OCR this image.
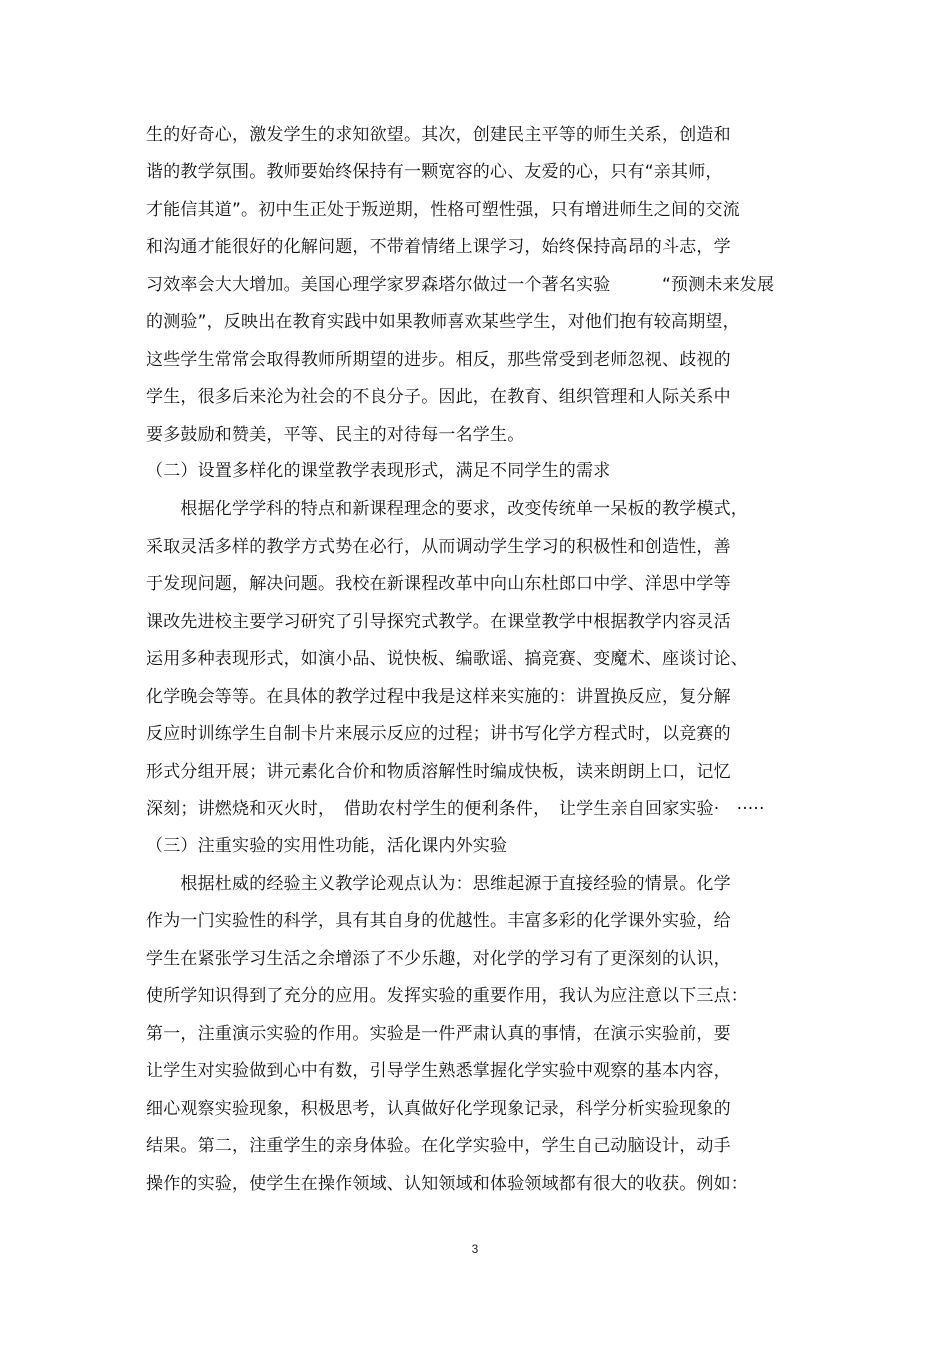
生的好奇心，激发学生的求知欲望。其次，创建民主平等的师生关系，创造和
谐的教学氛围。教师要始终保持有一颗宽容的心、友爱的心，只有“亲其师，
才能信其道”。初中生正处于叛逆期，性格可塑性强，只有增进师生之间的交流
和沟通才能很好的化解问题，不带着情绪上课学习，始终保持高昂的斗志，学
习效率会大大增加。美国心理学家罗森塔尔做过一个著名实验　　　“预测未来发展
的测验”，反映出在教育实践中如果教师喜欢某些学生，对他们抱有较高期望，
这些学生常常会取得教师所期望的进步。相反，那些常受到老师忽视、歧视的
学生，很多后来沦为社会的不良分子。因此，在教育、组织管理和人际关系中
要多鼓励和赞美，平等、民主的对待每一名学生。
（二）设置多样化的课堂教学表现形式，满足不同学生的需求
　　根据化学学科的特点和新课程理念的要求，改变传统单一呆板的教学模式，
采取灵活多样的教学方式势在必行，从而调动学生学习的积极性和创造性，善
于发现问题，解决问题。我校在新课程改革中向山东杜郎口中学、洋思中学等
课改先进校主要学习研究了引导探究式教学。在课堂教学中根据教学内容灵活
运用多种表现形式，如演小品、说快板、编歌谣、搞竞赛、变魔术、座谈讨论、
化学晚会等等。在具体的教学过程中我是这样来实施的：讲置换反应，复分解
反应时训练学生自制卡片来展示反应的过程；讲书写化学方程式时，以竞赛的
形式分组开展；讲元素化合价和物质溶解性时编成快板，读来朗朗上口，记忆
深刻；讲燃烧和灭火时，　借助农村学生的便利条件，　让学生亲自回家实验·　·····
（三）注重实验的实用性功能，活化课内外实验
　　根据杜威的经验主义教学论观点认为：思维起源于直接经验的情景。化学
作为一门实验性的科学，具有其自身的优越性。丰富多彩的化学课外实验，给
学生在紧张学习生活之余增添了不少乐趣，对化学的学习有了更深刻的认识，
使所学知识得到了充分的应用。发挥实验的重要作用，我认为应注意以下三点：
第一，注重演示实验的作用。实验是一件严肃认真的事情，在演示实验前，要
让学生对实验做到心中有数，引导学生熟悉掌握化学实验中观察的基本内容，
细心观察实验现象，积极思考，认真做好化学现象记录，科学分析实验现象的
结果。第二，注重学生的亲身体验。在化学实验中，学生自己动脑设计，动手
操作的实验，使学生在操作领域、认知领域和体验领域都有很大的收获。例如：
3
